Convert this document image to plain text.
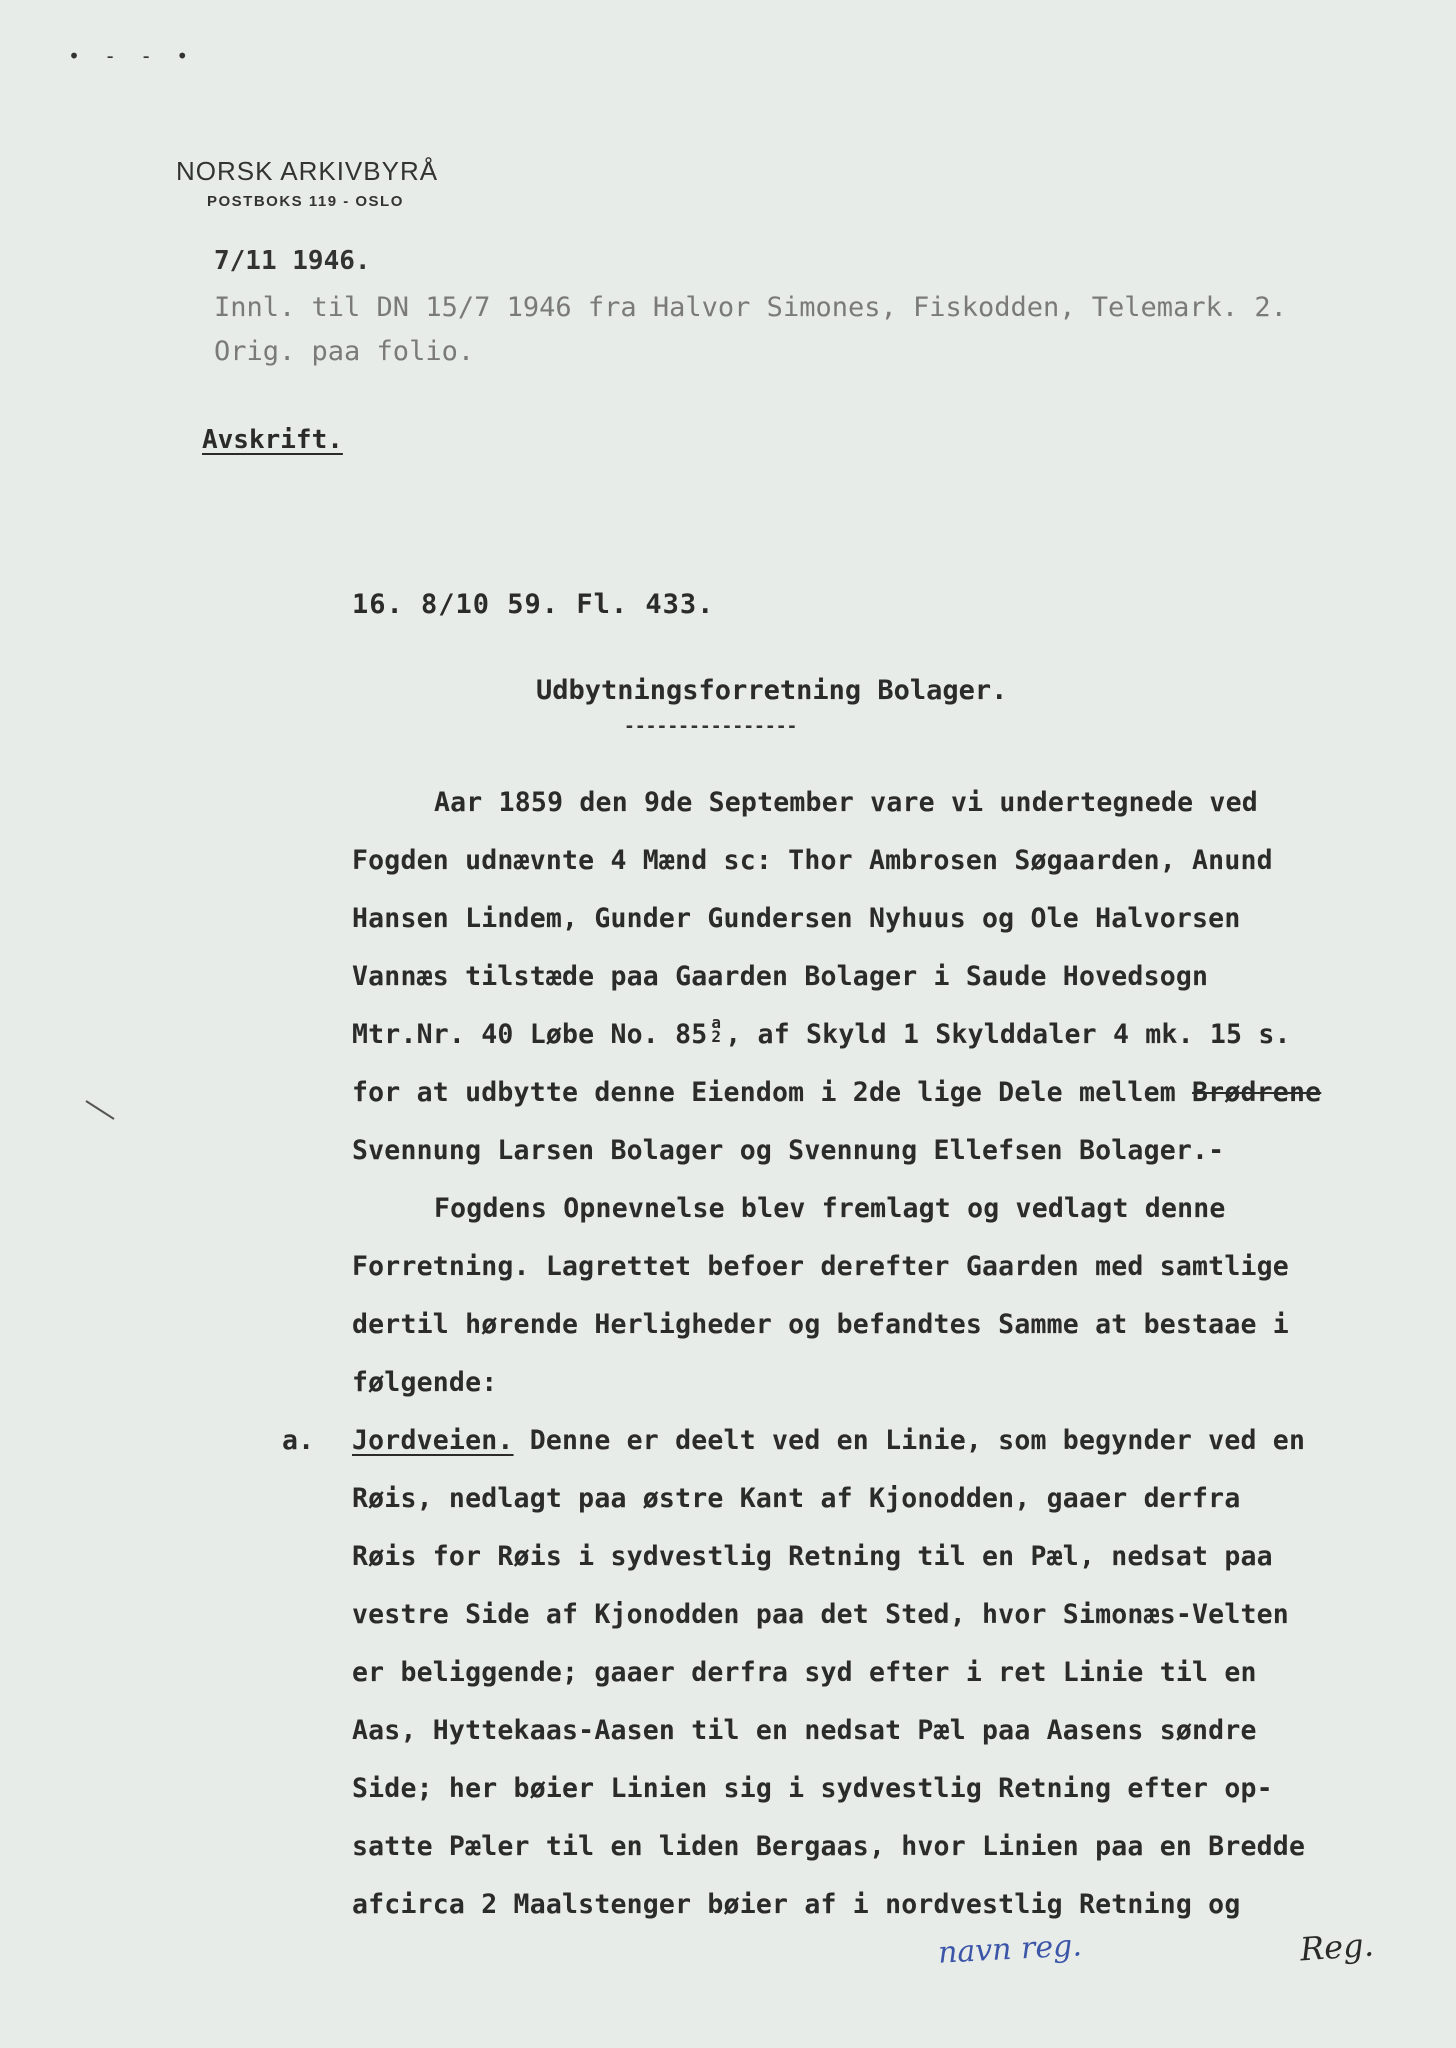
• - - •
NORSK ARKIVBYRÅ
POSTBOKS 119 - OSLO
7/11 1946.
Innl. til DN 15/7 1946 fra Halvor Simones, Fiskodden, Telemark. 2.
Orig. paa folio.
Avskrift.
16. 8/10 59. Fl. 433.
Udbytningsforretning Bolager.
----------------
Aar 1859 den 9de September vare vi undertegnede ved
Fogden udnævnte 4 Mænd sc: Thor Ambrosen Søgaarden, Anund
Hansen Lindem, Gunder Gundersen Nyhuus og Ole Halvorsen
Vannæs tilstæde paa Gaarden Bolager i Saude Hovedsogn
Mtr.Nr. 40 Løbe No. 85 a
2 , af Skyld 1 Skylddaler 4 mk. 15 s.
for at udbytte denne Eiendom i 2de lige Dele mellem Brødrene
Svennung Larsen Bolager og Svennung Ellefsen Bolager.-
Fogdens Opnevnelse blev fremlagt og vedlagt denne
Forretning. Lagrettet befoer derefter Gaarden med samtlige
dertil hørende Herligheder og befandtes Samme at bestaae i
følgende:
a. Jordveien. Denne er deelt ved en Linie, som begynder ved en
Røis, nedlagt paa østre Kant af Kjonodden, gaaer derfra
Røis for Røis i sydvestlig Retning til en Pæl, nedsat paa
vestre Side af Kjonodden paa det Sted, hvor Simonæs-Velten
er beliggende; gaaer derfra syd efter i ret Linie til en
Aas, Hyttekaas-Aasen til en nedsat Pæl paa Aasens søndre
Side; her bøier Linien sig i sydvestlig Retning efter op-
satte Pæler til en liden Bergaas, hvor Linien paa en Bredde
afcirca 2 Maalstenger bøier af i nordvestlig Retning og
navn reg.	Reg.
